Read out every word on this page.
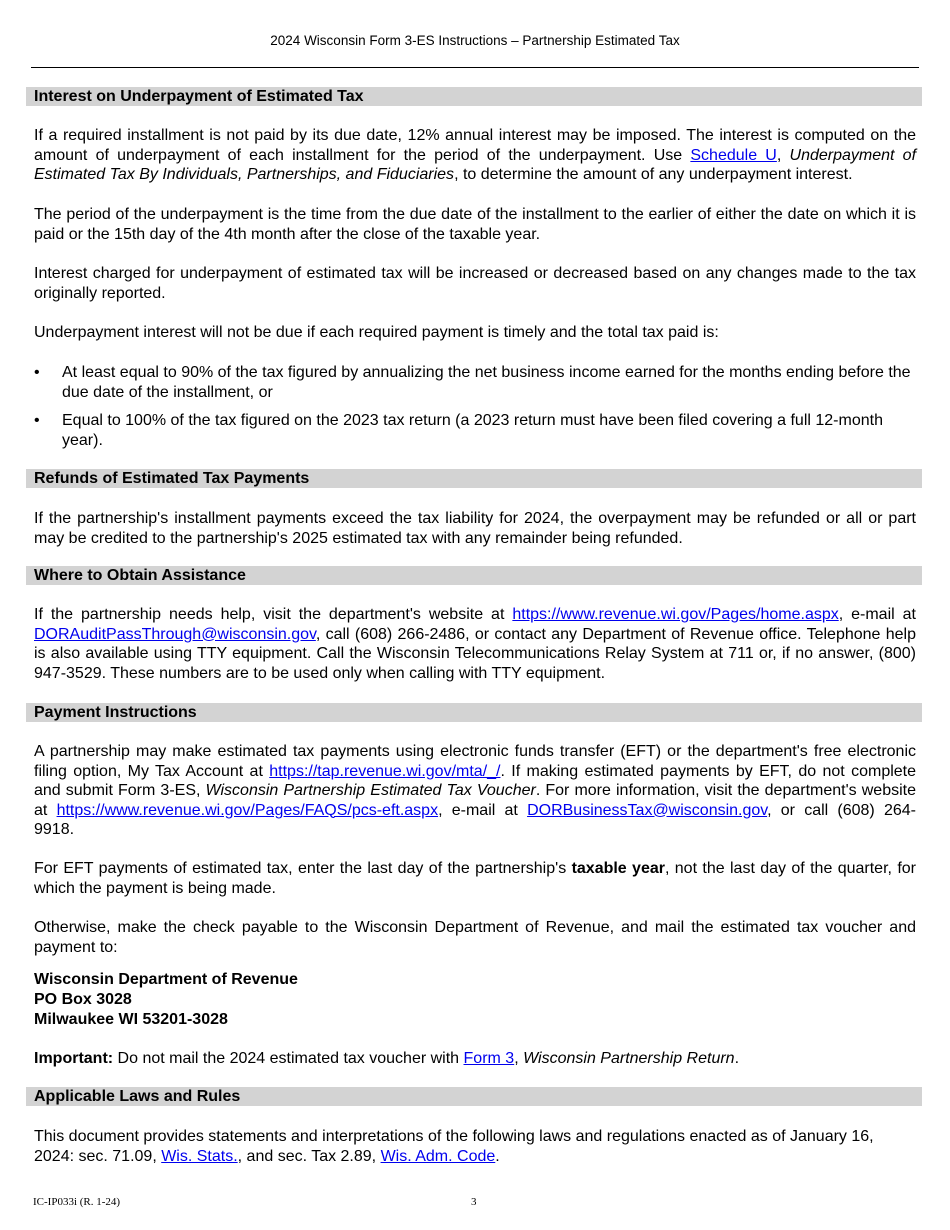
2024 Wisconsin Form 3-ES Instructions – Partnership Estimated Tax
Interest on Underpayment of Estimated Tax

If a required installment is not paid by its due date, 12% annual interest may be imposed. The interest is computed on the amount of underpayment of each installment for the period of the underpayment. Use Schedule U, Underpayment of Estimated Tax By Individuals, Partnerships, and Fiduciaries, to determine the amount of any underpayment interest.

The period of the underpayment is the time from the due date of the installment to the earlier of either the date on which it is paid or the 15th day of the 4th month after the close of the taxable year.

Interest charged for underpayment of estimated tax will be increased or decreased based on any changes made to the tax originally reported.

Underpayment interest will not be due if each required payment is timely and the total tax paid is:

•	At least equal to 90% of the tax figured by annualizing the net business income earned for the months ending before the due date of the installment, or
•	Equal to 100% of the tax figured on the 2023 tax return (a 2023 return must have been filed covering a full 12-month year).
Refunds of Estimated Tax Payments

If the partnership's installment payments exceed the tax liability for 2024, the overpayment may be refunded or all or part may be credited to the partnership's 2025 estimated tax with any remainder being refunded.

Where to Obtain Assistance

If the partnership needs help, visit the department's website at https://www.revenue.wi.gov/Pages/home.aspx, e-mail at DORAuditPassThrough@wisconsin.gov, call (608) 266-2486, or contact any Department of Revenue office. Telephone help is also available using TTY equipment. Call the Wisconsin Telecommunications Relay System at 711 or, if no answer, (800) 947-3529. These numbers are to be used only when calling with TTY equipment.

Payment Instructions

A partnership may make estimated tax payments using electronic funds transfer (EFT) or the department's free electronic filing option, My Tax Account at https://tap.revenue.wi.gov/mta/_/. If making estimated payments by EFT, do not complete and submit Form 3-ES, Wisconsin Partnership Estimated Tax Voucher. For more information, visit the department's website at https://www.revenue.wi.gov/Pages/FAQS/pcs-eft.aspx, e-mail at DORBusinessTax@wisconsin.gov, or call (608) 264-9918.

For EFT payments of estimated tax, enter the last day of the partnership's taxable year, not the last day of the quarter, for which the payment is being made.

Otherwise, make the check payable to the Wisconsin Department of Revenue, and mail the estimated tax voucher and payment to:

Wisconsin Department of Revenue
PO Box 3028
Milwaukee WI 53201-3028

Important: Do not mail the 2024 estimated tax voucher with Form 3, Wisconsin Partnership Return.

Applicable Laws and Rules

This document provides statements and interpretations of the following laws and regulations enacted as of January 16, 2024: sec. 71.09, Wis. Stats., and sec. Tax 2.89, Wis. Adm. Code.

IC-IP033i (R. 1-24)	3
